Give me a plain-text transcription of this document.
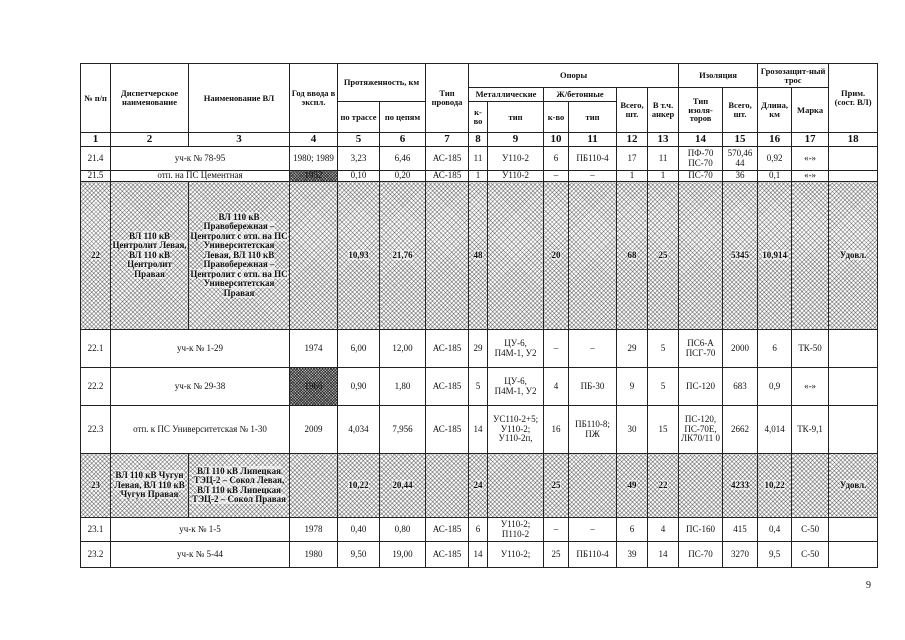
№ п/п	Диспетчерское наименование	Наименование ВЛ	Год ввода в экспл.	Протяженность, км		Тип провода	Опоры						Изоляция		Грозозащит-ный трос		Прим. (сост. ВЛ)
							Металлические		Ж/бетонные		Всего, шт.	В т.ч. анкер	Тип изоля-торов	Всего, шт.	Длина, км	Марка	
				по трассе	по цепям		к-во	тип	к-во	тип							
1	2	3	4	5	6	7	8	9	10	11	12	13	14	15	16	17	18
21.4	уч-к № 78-95		1980; 1989	3,23	6,46	АС-185	11	У110-2	6	ПБ110-4	17	11	ПФ-70 ПС-70	570,46 44	0,92	«-»	
21.5	отп. на ПС Цементная		1952	0,10	0,20	АС-185	1	У110-2	–	–	1	1	ПС-70	36	0,1	«-»	
22	ВЛ 110 кВ Центролит Левая, ВЛ 110 кВ Центролит Правая	ВЛ 110 кВ Правобережная – Центролит с отп. на ПС Университетская Левая, ВЛ 110 кВ Правобережная – Центролит с отп. на ПС Университетская Правая		10,93	21,76		48		20		68	25		5345	10,914		Удовл.
22.1	уч-к № 1-29		1974	6,00	12,00	АС-185	29	ЦУ-6, П4М-1, У2	–	–	29	5	ПС6-А ПСГ-70	2000	6	ТК-50	
22.2	уч-к № 29-38		1966	0,90	1,80	АС-185	5	ЦУ-6, П4М-1, У2	4	ПБ-30	9	5	ПС-120	683	0,9	«-»	
22.3	отп. к ПС Университетская № 1-30		2009	4,034	7,956	АС-185	14	УС110-2+5; У110-2; У110-2п,	16	ПБ110-8; ПЖ	30	15	ПС-120, ПС-70Е, ЛК70/11 0	2662	4,014	ТК-9,1	
23	ВЛ 110 кВ Чугун Левая, ВЛ 110 кВ Чугун Правая	ВЛ 110 кВ Липецкая ТЭЦ-2 – Сокол Левая, ВЛ 110 кВ Липецкая ТЭЦ-2 – Сокол Правая		10,22	20,44		24		25		49	22		4233	10,22		Удовл.
23.1	уч-к № 1-5		1978	0,40	0,80	АС-185	6	У110-2; П110-2	–	–	6	4	ПС-160	415	0,4	С-50	
23.2	уч-к № 5-44		1980	9,50	19,00	АС-185	14	У110-2;	25	ПБ110-4	39	14	ПС-70	3270	9,5	С-50	
9
